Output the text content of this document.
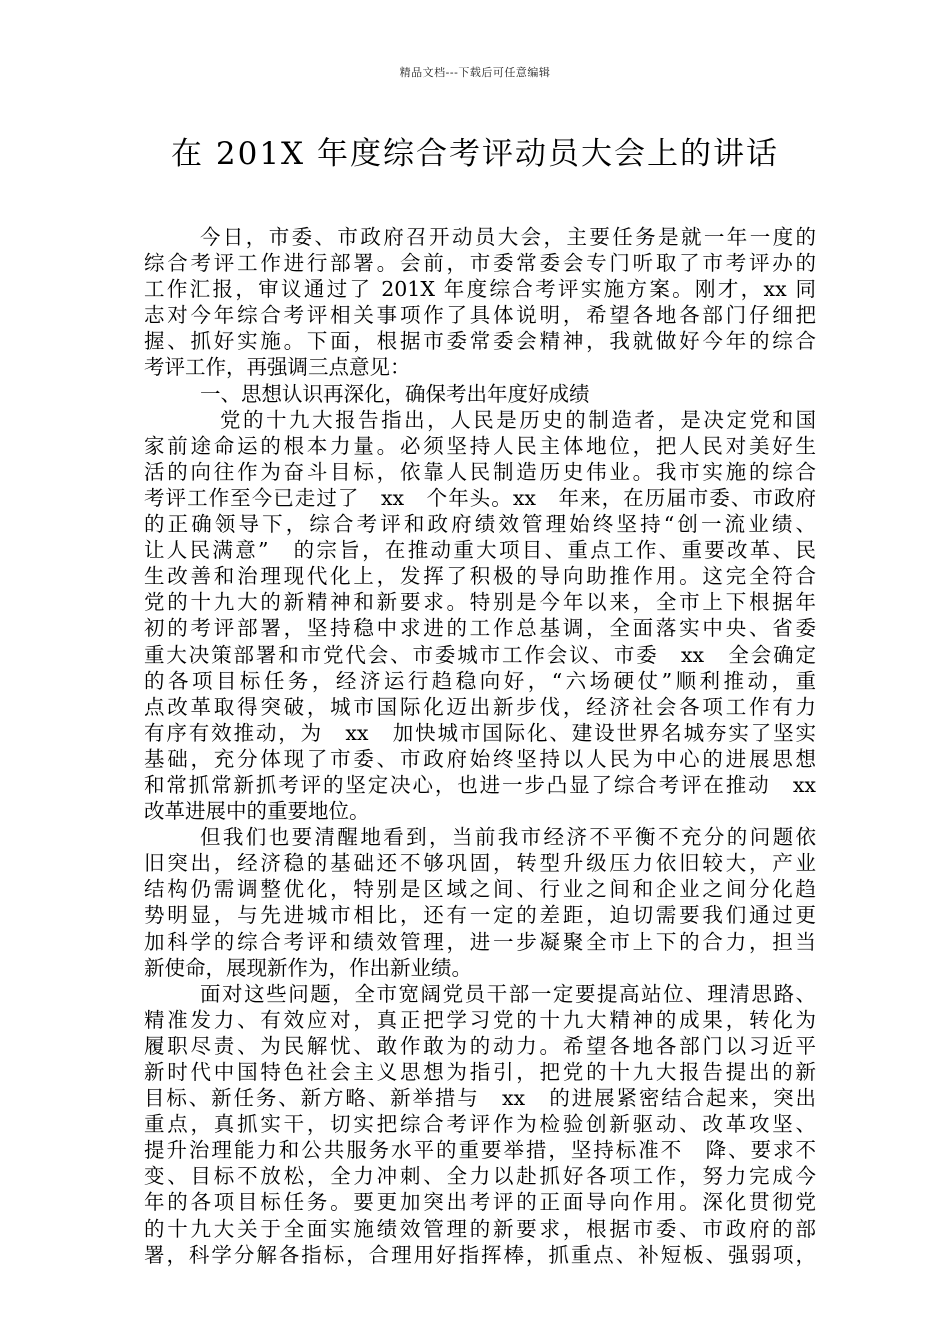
精品文档---下载后可任意编辑
在 201X 年度综合考评动员大会上的讲话
今日，市委、市政府召开动员大会，主要任务是就一年一度的
综合考评工作进行部署。会前，市委常委会专门听取了市考评办的
工作汇报，审议通过了 201X 年度综合考评实施方案。刚才，xx 同
志对今年综合考评相关事项作了具体说明，希望各地各部门仔细把
握、抓好实施。下面，根据市委常委会精神，我就做好今年的综合
考评工作，再强调三点意见：
一、思想认识再深化，确保考出年度好成绩
党的十九大报告指出，人民是历史的制造者，是决定党和国
家前途命运的根本力量。必须坚持人民主体地位，把人民对美好生
活的向往作为奋斗目标，依靠人民制造历史伟业。我市实施的综合
考评工作至今已走过了　xx　个年头。xx　年来，在历届市委、市政府
的正确领导下，综合考评和政府绩效管理始终坚持“创一流业绩、
让人民满意”　的宗旨，在推动重大项目、重点工作、重要改革、民
生改善和治理现代化上，发挥了积极的导向助推作用。这完全符合
党的十九大的新精神和新要求。特别是今年以来，全市上下根据年
初的考评部署，坚持稳中求进的工作总基调，全面落实中央、省委
重大决策部署和市党代会、市委城市工作会议、市委　xx　全会确定
的各项目标任务，经济运行趋稳向好，“六场硬仗”顺利推动，重
点改革取得突破，城市国际化迈出新步伐，经济社会各项工作有力
有序有效推动，为　xx　加快城市国际化、建设世界名城夯实了坚实
基础，充分体现了市委、市政府始终坚持以人民为中心的进展思想
和常抓常新抓考评的坚定决心，也进一步凸显了综合考评在推动　xx
改革进展中的重要地位。
但我们也要清醒地看到，当前我市经济不平衡不充分的问题依
旧突出，经济稳的基础还不够巩固，转型升级压力依旧较大，产业
结构仍需调整优化，特别是区域之间、行业之间和企业之间分化趋
势明显，与先进城市相比，还有一定的差距，迫切需要我们通过更
加科学的综合考评和绩效管理，进一步凝聚全市上下的合力，担当
新使命，展现新作为，作出新业绩。
面对这些问题，全市宽阔党员干部一定要提高站位、理清思路、
精准发力、有效应对，真正把学习党的十九大精神的成果，转化为
履职尽责、为民解忧、敢作敢为的动力。希望各地各部门以习近平
新时代中国特色社会主义思想为指引，把党的十九大报告提出的新
目标、新任务、新方略、新举措与　xx　的进展紧密结合起来，突出
重点，真抓实干，切实把综合考评作为检验创新驱动、改革攻坚、
提升治理能力和公共服务水平的重要举措，坚持标准不　降、要求不
变、目标不放松，全力冲刺、全力以赴抓好各项工作，努力完成今
年的各项目标任务。要更加突出考评的正面导向作用。深化贯彻党
的十九大关于全面实施绩效管理的新要求，根据市委、市政府的部
署，科学分解各指标，合理用好指挥棒，抓重点、补短板、强弱项，
